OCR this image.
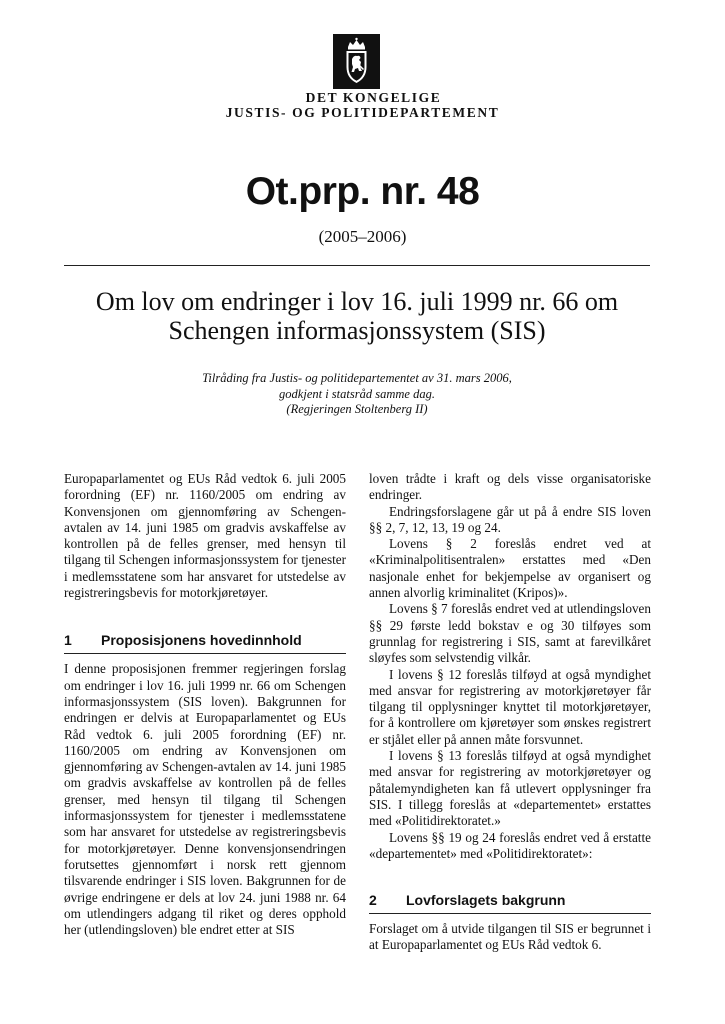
DET KONGELIGE
JUSTIS- OG POLITIDEPARTEMENT
Ot.prp. nr. 48
(2005–2006)
Om lov om endringer i lov 16. juli 1999 nr. 66 om
Schengen informasjonssystem (SIS)
Tilråding fra Justis- og politidepartementet av 31. mars 2006,
godkjent i statsråd samme dag.
(Regjeringen Stoltenberg II)

Europaparlamentet og EUs Råd vedtok 6. juli 2005 forordning (EF) nr. 1160/2005 om endring av Konvensjonen om gjennomføring av Schengen-avtalen av 14. juni 1985 om gradvis avskaffelse av kontrollen på de felles grenser, med hensyn til tilgang til Schengen informasjonssystem for tjenester i medlemsstatene som har ansvaret for utstedelse av registreringsbevis for motorkjøretøyer.

1 Proposisjonens hovedinnhold

I denne proposisjonen fremmer regjeringen forslag om endringer i lov 16. juli 1999 nr. 66 om Schengen informasjonssystem (SIS loven). Bakgrunnen for endringen er delvis at Europaparlamentet og EUs Råd vedtok 6. juli 2005 forordning (EF) nr. 1160/2005 om endring av Konvensjonen om gjennomføring av Schengen-avtalen av 14. juni 1985 om gradvis avskaffelse av kontrollen på de felles grenser, med hensyn til tilgang til Schengen informasjonssystem for tjenester i medlemsstatene som har ansvaret for utstedelse av registreringsbevis for motorkjøretøyer. Denne konvensjonsendringen forutsettes gjennomført i norsk rett gjennom tilsvarende endringer i SIS loven. Bakgrunnen for de øvrige endringene er dels at lov 24. juni 1988 nr. 64 om utlendingers adgang til riket og deres opphold her (utlendingsloven) ble endret etter at SIS

loven trådte i kraft og dels visse organisatoriske endringer.

Endringsforslagene går ut på å endre SIS loven §§ 2, 7, 12, 13, 19 og 24.

Lovens § 2 foreslås endret ved at «Kriminalpolitisentralen» erstattes med «Den nasjonale enhet for bekjempelse av organisert og annen alvorlig kriminalitet (Kripos)».

Lovens § 7 foreslås endret ved at utlendingsloven §§ 29 første ledd bokstav e og 30 tilføyes som grunnlag for registrering i SIS, samt at farevilkåret sløyfes som selvstendig vilkår.

I lovens § 12 foreslås tilføyd at også myndighet med ansvar for registrering av motorkjøretøyer får tilgang til opplysninger knyttet til motorkjøretøyer, for å kontrollere om kjøretøyer som ønskes registrert er stjålet eller på annen måte forsvunnet.

I lovens § 13 foreslås tilføyd at også myndighet med ansvar for registrering av motorkjøretøyer og påtalemyndigheten kan få utlevert opplysninger fra SIS. I tillegg foreslås at «departementet» erstattes med «Politidirektoratet.»

Lovens §§ 19 og 24 foreslås endret ved å erstatte «departementet» med «Politidirektoratet»:

2 Lovforslagets bakgrunn

Forslaget om å utvide tilgangen til SIS er begrunnet i at Europaparlamentet og EUs Råd vedtok 6.
